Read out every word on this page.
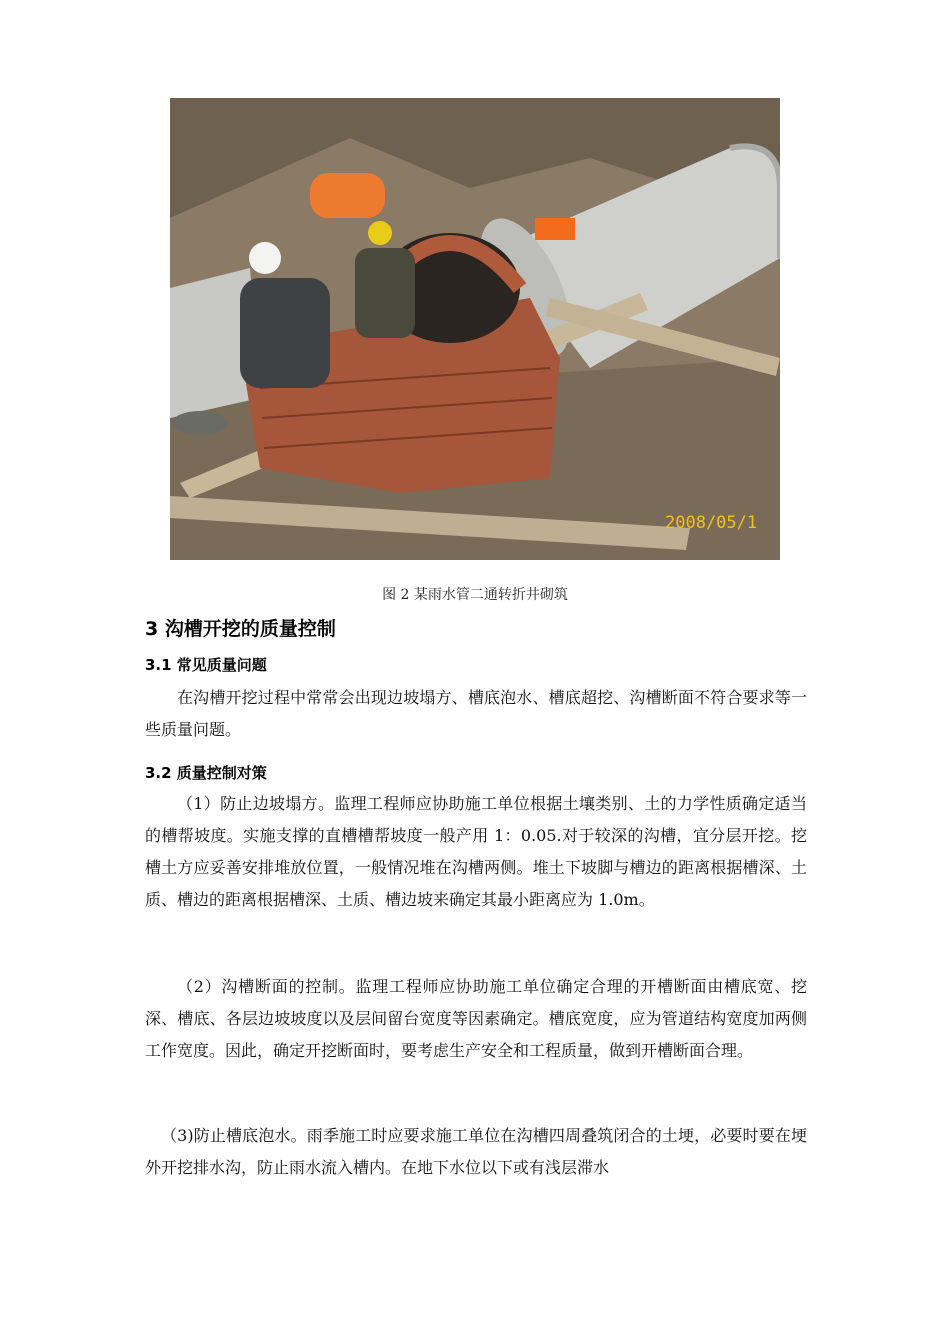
2008/05/1
图 2 某雨水管二通转折井砌筑
3 沟槽开挖的质量控制
3.1 常见质量问题

在沟槽开挖过程中常常会出现边坡塌方、槽底泡水、槽底超挖、沟槽断面不符合要求等一些质量问题。

3.2 质量控制对策

（1）防止边坡塌方。监理工程师应协助施工单位根据土壤类别、土的力学性质确定适当的槽帮坡度。实施支撑的直槽槽帮坡度一般产用 1：0.05.对于较深的沟槽，宜分层开挖。挖槽土方应妥善安排堆放位置，一般情况堆在沟槽两侧。堆土下坡脚与槽边的距离根据槽深、土质、槽边的距离根据槽深、土质、槽边坡来确定其最小距离应为 1.0m。

（2）沟槽断面的控制。监理工程师应协助施工单位确定合理的开槽断面由槽底宽、挖深、槽底、各层边坡坡度以及层间留台宽度等因素确定。槽底宽度，应为管道结构宽度加两侧工作宽度。因此，确定开挖断面时，要考虑生产安全和工程质量，做到开槽断面合理。

（3)防止槽底泡水。雨季施工时应要求施工单位在沟槽四周叠筑闭合的土埂，必要时要在埂外开挖排水沟，防止雨水流入槽内。在地下水位以下或有浅层滞水
